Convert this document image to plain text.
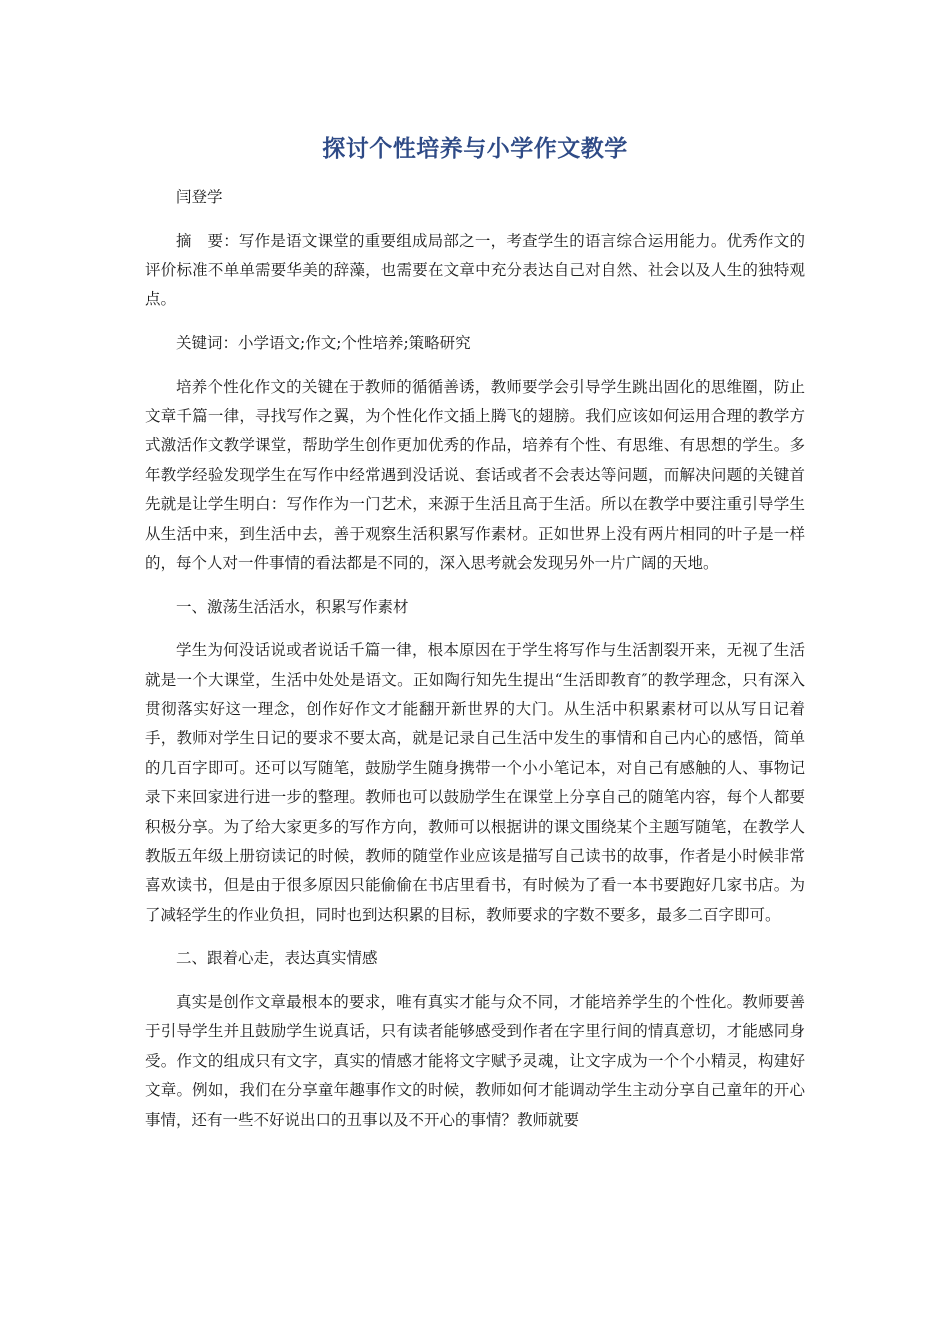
探讨个性培养与小学作文教学

闫登学

摘　要：写作是语文课堂的重要组成局部之一，考查学生的语言综合运用能力。优秀作文的评价标准不单单需要华美的辞藻，也需要在文章中充分表达自己对自然、社会以及人生的独特观点。

关键词：小学语文;作文;个性培养;策略研究

培养个性化作文的关键在于教师的循循善诱，教师要学会引导学生跳出固化的思维圈，防止文章千篇一律，寻找写作之翼，为个性化作文插上腾飞的翅膀。我们应该如何运用合理的教学方式激活作文教学课堂，帮助学生创作更加优秀的作品，培养有个性、有思维、有思想的学生。多年教学经验发现学生在写作中经常遇到没话说、套话或者不会表达等问题，而解决问题的关键首先就是让学生明白：写作作为一门艺术，来源于生活且高于生活。所以在教学中要注重引导学生从生活中来，到生活中去，善于观察生活积累写作素材。正如世界上没有两片相同的叶子是一样的，每个人对一件事情的看法都是不同的，深入思考就会发现另外一片广阔的天地。

一、激荡生活活水，积累写作素材

学生为何没话说或者说话千篇一律，根本原因在于学生将写作与生活割裂开来，无视了生活就是一个大课堂，生活中处处是语文。正如陶行知先生提出“生活即教育″的教学理念，只有深入贯彻落实好这一理念，创作好作文才能翻开新世界的大门。从生活中积累素材可以从写日记着手，教师对学生日记的要求不要太高，就是记录自己生活中发生的事情和自己内心的感悟，简单的几百字即可。还可以写随笔，鼓励学生随身携带一个小小笔记本，对自己有感触的人、事物记录下来回家进行进一步的整理。教师也可以鼓励学生在课堂上分享自己的随笔内容，每个人都要积极分享。为了给大家更多的写作方向，教师可以根据讲的课文围绕某个主题写随笔，在教学人教版五年级上册窃读记的时候，教师的随堂作业应该是描写自己读书的故事，作者是小时候非常喜欢读书，但是由于很多原因只能偷偷在书店里看书，有时候为了看一本书要跑好几家书店。为了减轻学生的作业负担，同时也到达积累的目标，教师要求的字数不要多，最多二百字即可。

二、跟着心走，表达真实情感

真实是创作文章最根本的要求，唯有真实才能与众不同，才能培养学生的个性化。教师要善于引导学生并且鼓励学生说真话，只有读者能够感受到作者在字里行间的情真意切，才能感同身受。作文的组成只有文字，真实的情感才能将文字赋予灵魂，让文字成为一个个小精灵，构建好文章。例如，我们在分享童年趣事作文的时候，教师如何才能调动学生主动分享自己童年的开心事情，还有一些不好说出口的丑事以及不开心的事情？教师就要
